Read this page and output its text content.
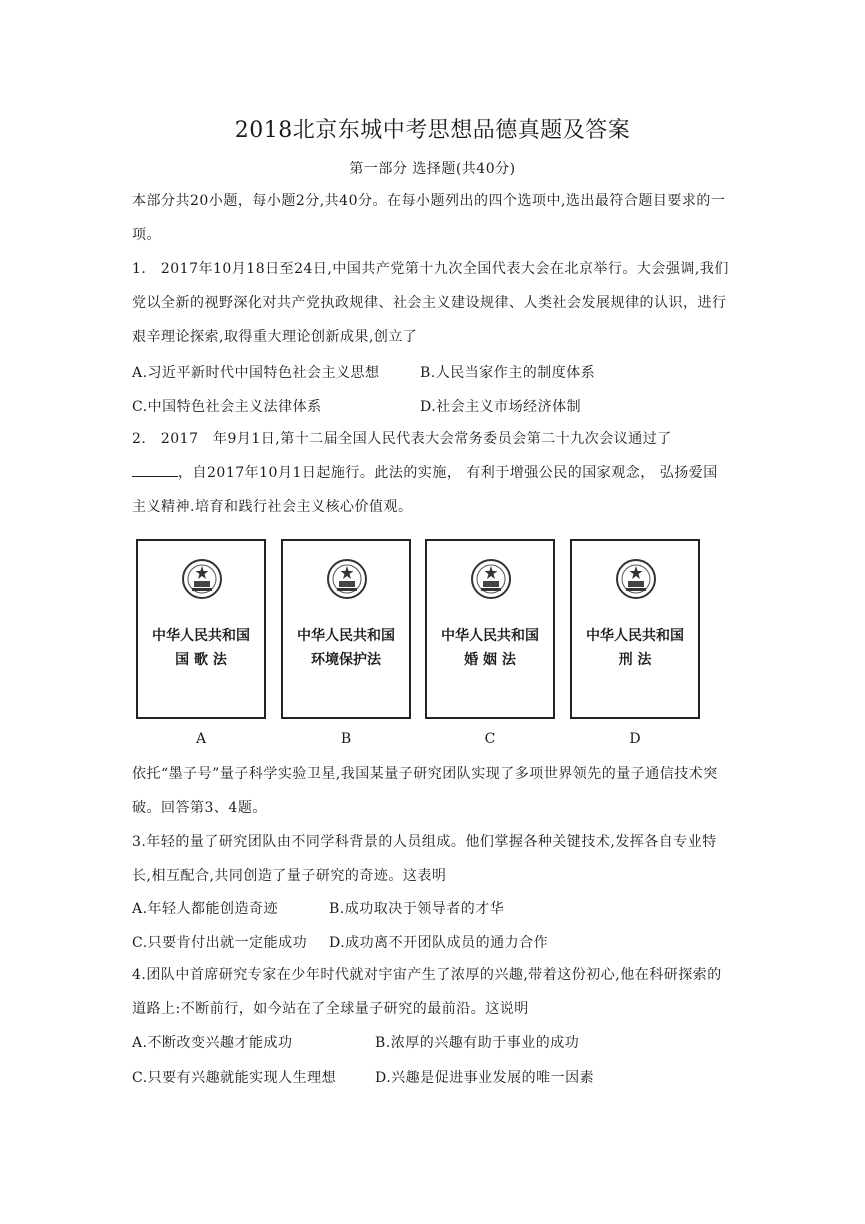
2018北京东城中考思想品德真题及答案
第一部分 选择题(共40分)
本部分共20小题，每小题2分,共40分。在每小题列出的四个选项中,选出最符合题目要求的一项。
1.　2017年10月18日至24日,中国共产党第十九次全国代表大会在北京举行。大会强调,我们党以全新的视野深化对共产党执政规律、社会主义建设规律、人类社会发展规律的认识，进行艰辛理论探索,取得重大理论创新成果,创立了
A.习近平新时代中国特色社会主义思想	B.人民当家作主的制度体系
C.中国特色社会主义法律体系	D.社会主义市场经济体制
2.　2017　年9月1日,第十二届全国人民代表大会常务委员会第二十九次会议通过了
，自2017年10月1日起施行。此法的实施， 有利于增强公民的国家观念， 弘扬爱国主义精神.培育和践行社会主义核心价值观。
中华人民共和国
国 歌 法
A
中华人民共和国
环境保护法
B
中华人民共和国
婚 姻 法
C
中华人民共和国
刑 法
D
依托“墨子号”量子科学实验卫星,我国某量子研究团队实现了多项世界领先的量子通信技术突破。回答第3、4题。
3.年轻的量了研究团队由不同学科背景的人员组成。他们掌握各种关键技术,发挥各自专业特长,相互配合,共同创造了量子研究的奇迹。这表明
A.年轻人都能创造奇迹	B.成功取决于领导者的才华
C.只要肯付出就一定能成功 D.成功离不开团队成员的通力合作
4.团队中首席研究专家在少年时代就对宇宙产生了浓厚的兴趣,带着这份初心,他在科研探索的道路上:不断前行，如今站在了全球量子研究的最前沿。这说明
A.不断改变兴趣才能成功	B.浓厚的兴趣有助于事业的成功
C.只要有兴趣就能实现人生理想	D.兴趣是促进事业发展的唯一因素
